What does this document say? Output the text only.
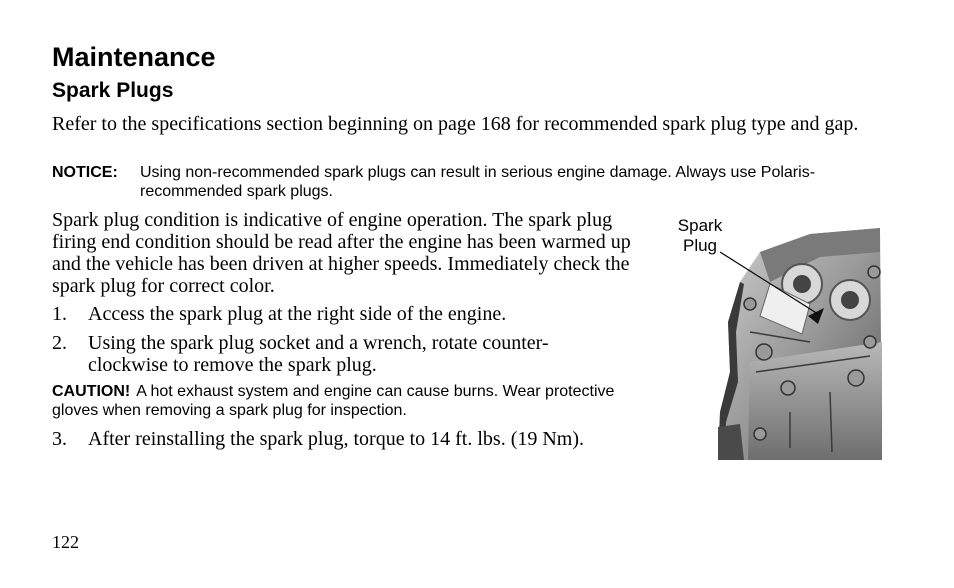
Maintenance
Spark Plugs
Refer to the specifications section beginning on page 168 for recommended spark plug type and gap.
NOTICE: Using non-recommended spark plugs can result in serious engine damage. Always use Polaris-recommended spark plugs.
Spark plug condition is indicative of engine operation. The spark plug firing end condition should be read after the engine has been warmed up and the vehicle has been driven at higher speeds. Immediately check the spark plug for correct color.
1. Access the spark plug at the right side of the engine.
2. Using the spark plug socket and a wrench, rotate counter-clockwise to remove the spark plug.
CAUTION! A hot exhaust system and engine can cause burns. Wear protective gloves when removing a spark plug for inspection.
3. After reinstalling the spark plug, torque to 14 ft. lbs. (19 Nm).
Spark
Plug
122
